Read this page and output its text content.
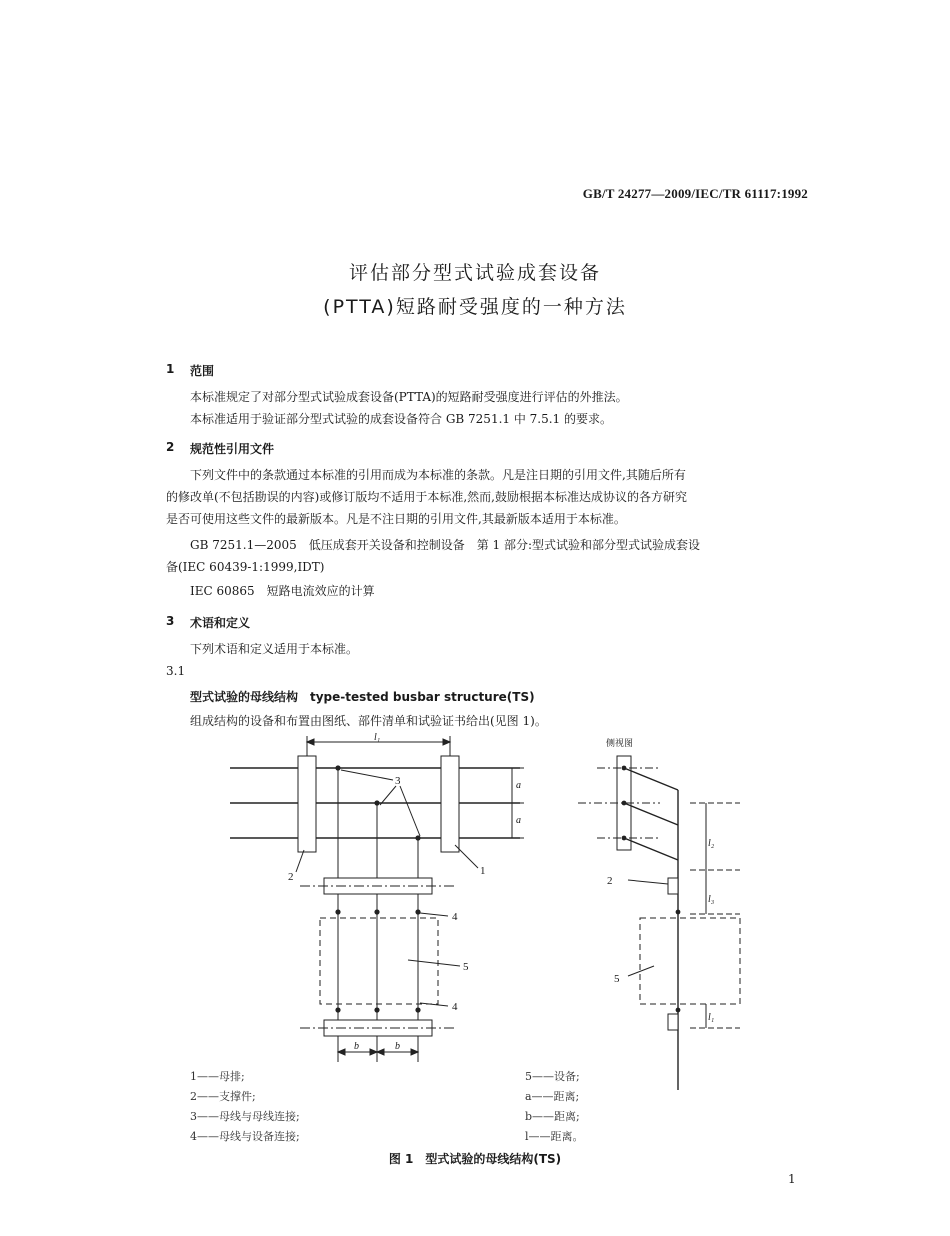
GB/T 24277—2009/IEC/TR 61117:1992
评估部分型式试验成套设备
(PTTA)短路耐受强度的一种方法
1 范围
本标准规定了对部分型式试验成套设备(PTTA)的短路耐受强度进行评估的外推法。
本标准适用于验证部分型式试验的成套设备符合 GB 7251.1 中 7.5.1 的要求。
2 规范性引用文件
下列文件中的条款通过本标准的引用而成为本标准的条款。凡是注日期的引用文件,其随后所有
的修改单(不包括勘误的内容)或修订版均不适用于本标准,然而,鼓励根据本标准达成协议的各方研究
是否可使用这些文件的最新版本。凡是不注日期的引用文件,其最新版本适用于本标准。
GB 7251.1—2005　低压成套开关设备和控制设备　第 1 部分:型式试验和部分型式试验成套设
备(IEC 60439-1:1999,IDT)
IEC 60865　短路电流效应的计算
3 术语和定义
下列术语和定义适用于本标准。
3.1
型式试验的母线结构　type-tested busbar structure(TS)
组成结构的设备和布置由图纸、部件清单和试验证书给出(见图 1)。
l₁
3
1
2
4
5
4
a
a
b	b
侧视图
2
5
l₂
l₃
l₁
1——母排;
2——支撑件;
3——母线与母线连接;
4——母线与设备连接;
5——设备;
a——距离;
b——距离;
l——距离。
图 1　型式试验的母线结构(TS)
1
